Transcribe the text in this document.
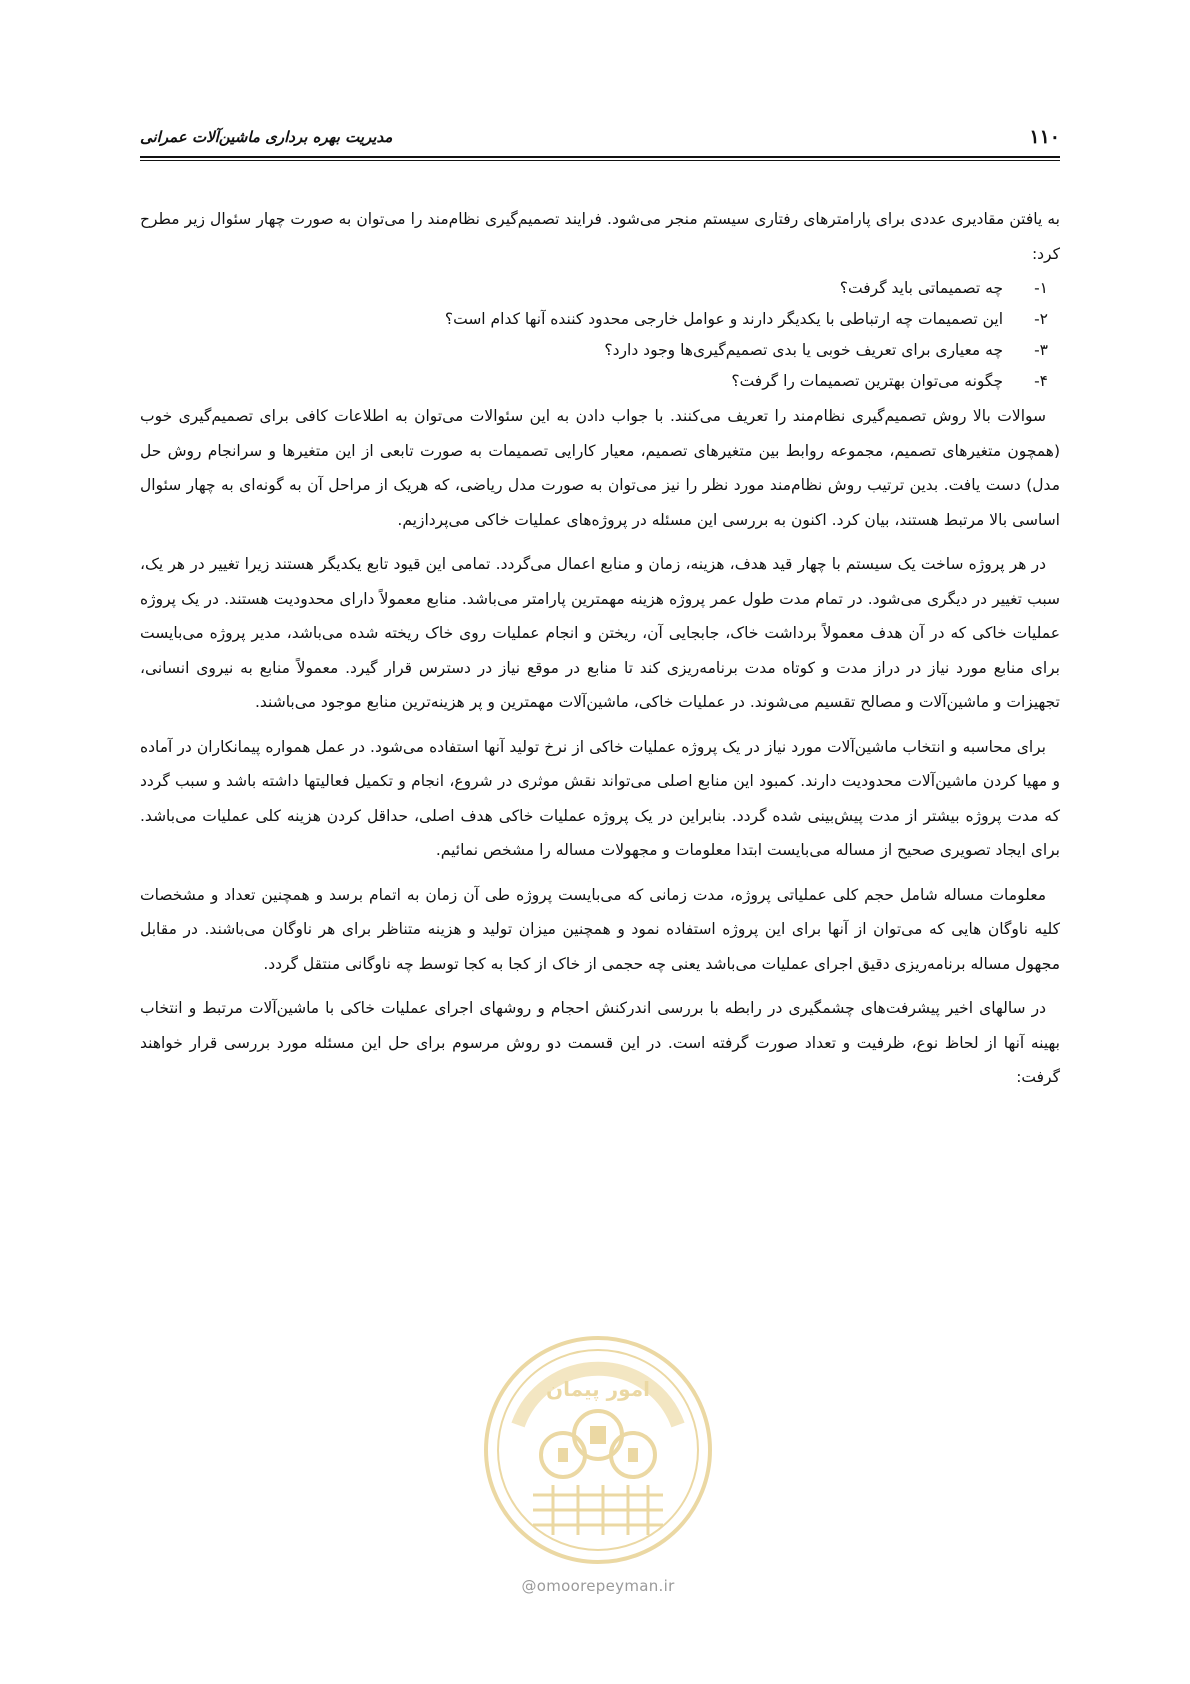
۱۱۰
مدیریت بهره برداری ماشین‌آلات عمرانی

به یافتن مقادیری عددی برای پارامترهای رفتاری سیستم منجر می‌شود. فرایند تصمیم‌گیری نظام‌مند را می‌توان به صورت چهار سئوال زیر مطرح کرد:

۱- چه تصمیماتی باید گرفت؟
۲- این تصمیمات چه ارتباطی با یکدیگر دارند و عوامل خارجی محدود کننده آنها کدام است؟
۳- چه معیاری برای تعریف خوبی یا بدی تصمیم‌گیری‌ها وجود دارد؟
۴- چگونه می‌توان بهترین تصمیمات را گرفت؟

سوالات بالا روش تصمیم‌گیری نظام‌مند را تعریف می‌کنند. با جواب دادن به این سئوالات می‌توان به اطلاعات کافی برای تصمیم‌گیری خوب (همچون متغیرهای تصمیم، مجموعه روابط بین متغیرهای تصمیم، معیار کارایی تصمیمات به صورت تابعی از این متغیرها و سرانجام روش حل مدل) دست یافت. بدین ترتیب روش نظام‌مند مورد نظر را نیز می‌توان به صورت مدل ریاضی، که هریک از مراحل آن به گونه‌ای به چهار سئوال اساسی بالا مرتبط هستند، بیان کرد. اکنون به بررسی این مسئله در پروژه‌های عملیات خاکی می‌پردازیم.

در هر پروژه ساخت یک سیستم با چهار قید هدف، هزینه، زمان و منابع اعمال می‌گردد. تمامی این قیود تابع یکدیگر هستند زیرا تغییر در هر یک، سبب تغییر در دیگری می‌شود. در تمام مدت طول عمر پروژه هزینه مهمترین پارامتر می‌باشد. منابع معمولاً دارای محدودیت هستند. در یک پروژه عملیات خاکی که در آن هدف معمولاً برداشت خاک، جابجایی آن، ریختن و انجام عملیات روی خاک ریخته شده می‌باشد، مدیر پروژه می‌بایست برای منابع مورد نیاز در دراز مدت و کوتاه مدت برنامه‌ریزی کند تا منابع در موقع نیاز در دسترس قرار گیرد. معمولاً منابع به نیروی انسانی، تجهیزات و ماشین‌آلات و مصالح تقسیم می‌شوند. در عملیات خاکی، ماشین‌آلات مهمترین و پر هزینه‌ترین منابع موجود می‌باشند.

برای محاسبه و انتخاب ماشین‌آلات مورد نیاز در یک پروژه عملیات خاکی از نرخ تولید آنها استفاده می‌شود. در عمل همواره پیمانکاران در آماده و مهیا کردن ماشین‌آلات محدودیت دارند. کمبود این منابع اصلی می‌تواند نقش موثری در شروع، انجام و تکمیل فعالیتها داشته باشد و سبب گردد که مدت پروژه بیشتر از مدت پیش‌بینی شده گردد. بنابراین در یک پروژه عملیات خاکی هدف اصلی، حداقل کردن هزینه کلی عملیات می‌باشد. برای ایجاد تصویری صحیح از مساله می‌بایست ابتدا معلومات و مجهولات مساله را مشخص نمائیم.

معلومات مساله شامل حجم کلی عملیاتی پروژه، مدت زمانی که می‌بایست پروژه طی آن زمان به اتمام برسد و همچنین تعداد و مشخصات کلیه ناوگان هایی که می‌توان از آنها برای این پروژه استفاده نمود و همچنین میزان تولید و هزینه متناظر برای هر ناوگان می‌باشند. در مقابل مجهول مساله برنامه‌ریزی دقیق اجرای عملیات می‌باشد یعنی چه حجمی از خاک از کجا به کجا توسط چه ناوگانی منتقل گردد.

در سالهای اخیر پیشرفت‌های چشمگیری در رابطه با بررسی اندرکنش احجام و روشهای اجرای عملیات خاکی با ماشین‌آلات مرتبط و انتخاب بهینه آنها از لحاظ نوع، ظرفیت و تعداد صورت گرفته است. در این قسمت دو روش مرسوم برای حل این مسئله مورد بررسی قرار خواهند گرفت:

امور پیمان
@omoorepeyman.ir
